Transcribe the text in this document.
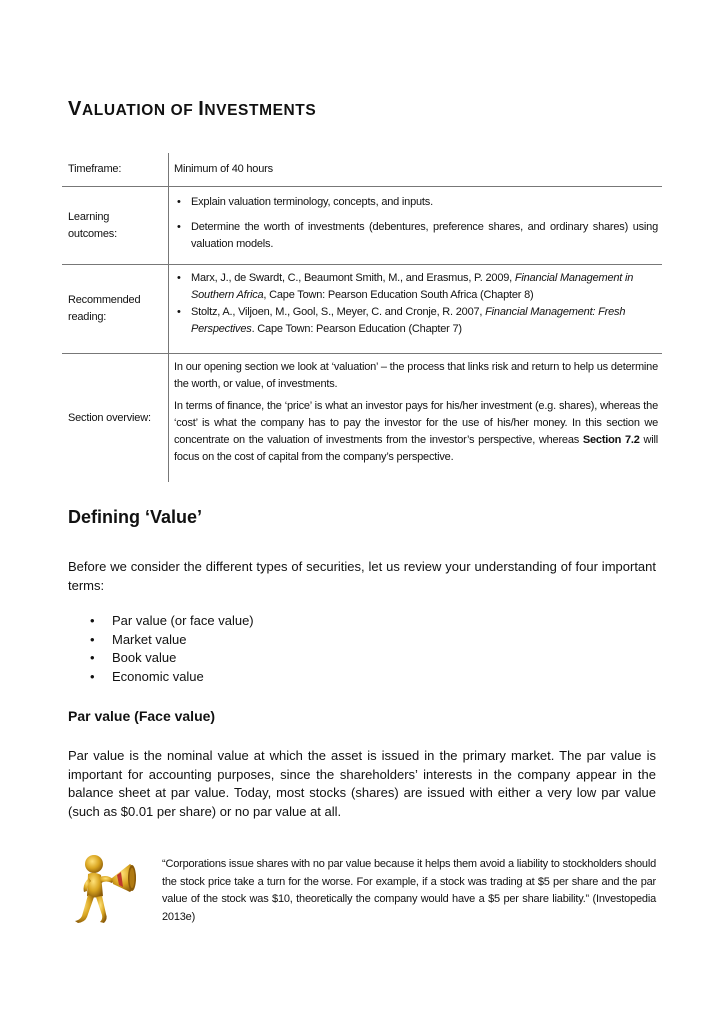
VALUATION OF INVESTMENTS
Timeframe:	Minimum of 40 hours
Learning
outcomes:
• Explain valuation terminology, concepts, and inputs.
• Determine the worth of investments (debentures, preference shares, and ordinary shares) using valuation models.
Recommended
reading:
• Marx, J., de Swardt, C., Beaumont Smith, M., and Erasmus, P. 2009, Financial Management in Southern Africa, Cape Town: Pearson Education South Africa (Chapter 8)
• Stoltz, A., Viljoen, M., Gool, S., Meyer, C. and Cronje, R. 2007, Financial Management: Fresh Perspectives. Cape Town: Pearson Education (Chapter 7)
Section overview:

In our opening section we look at ‘valuation’ – the process that links risk and return to help us determine the worth, or value, of investments.

In terms of finance, the ‘price’ is what an investor pays for his/her investment (e.g. shares), whereas the ‘cost’ is what the company has to pay the investor for the use of his/her money. In this section we concentrate on the valuation of investments from the investor’s perspective, whereas Section 7.2 will focus on the cost of capital from the company’s perspective.

Defining ‘Value’

Before we consider the different types of securities, let us review your understanding of four important terms:

• Par value (or face value)
• Market value
• Book value
• Economic value
Par value (Face value)

Par value is the nominal value at which the asset is issued in the primary market. The par value is important for accounting purposes, since the shareholders’ interests in the company appear in the balance sheet at par value. Today, most stocks (shares) are issued with either a very low par value (such as $0.01 per share) or no par value at all.

“Corporations issue shares with no par value because it helps them avoid a liability to stockholders should the stock price take a turn for the worse. For example, if a stock was trading at $5 per share and the par value of the stock was $10, theoretically the company would have a $5 per share liability.” (Investopedia 2013e)
